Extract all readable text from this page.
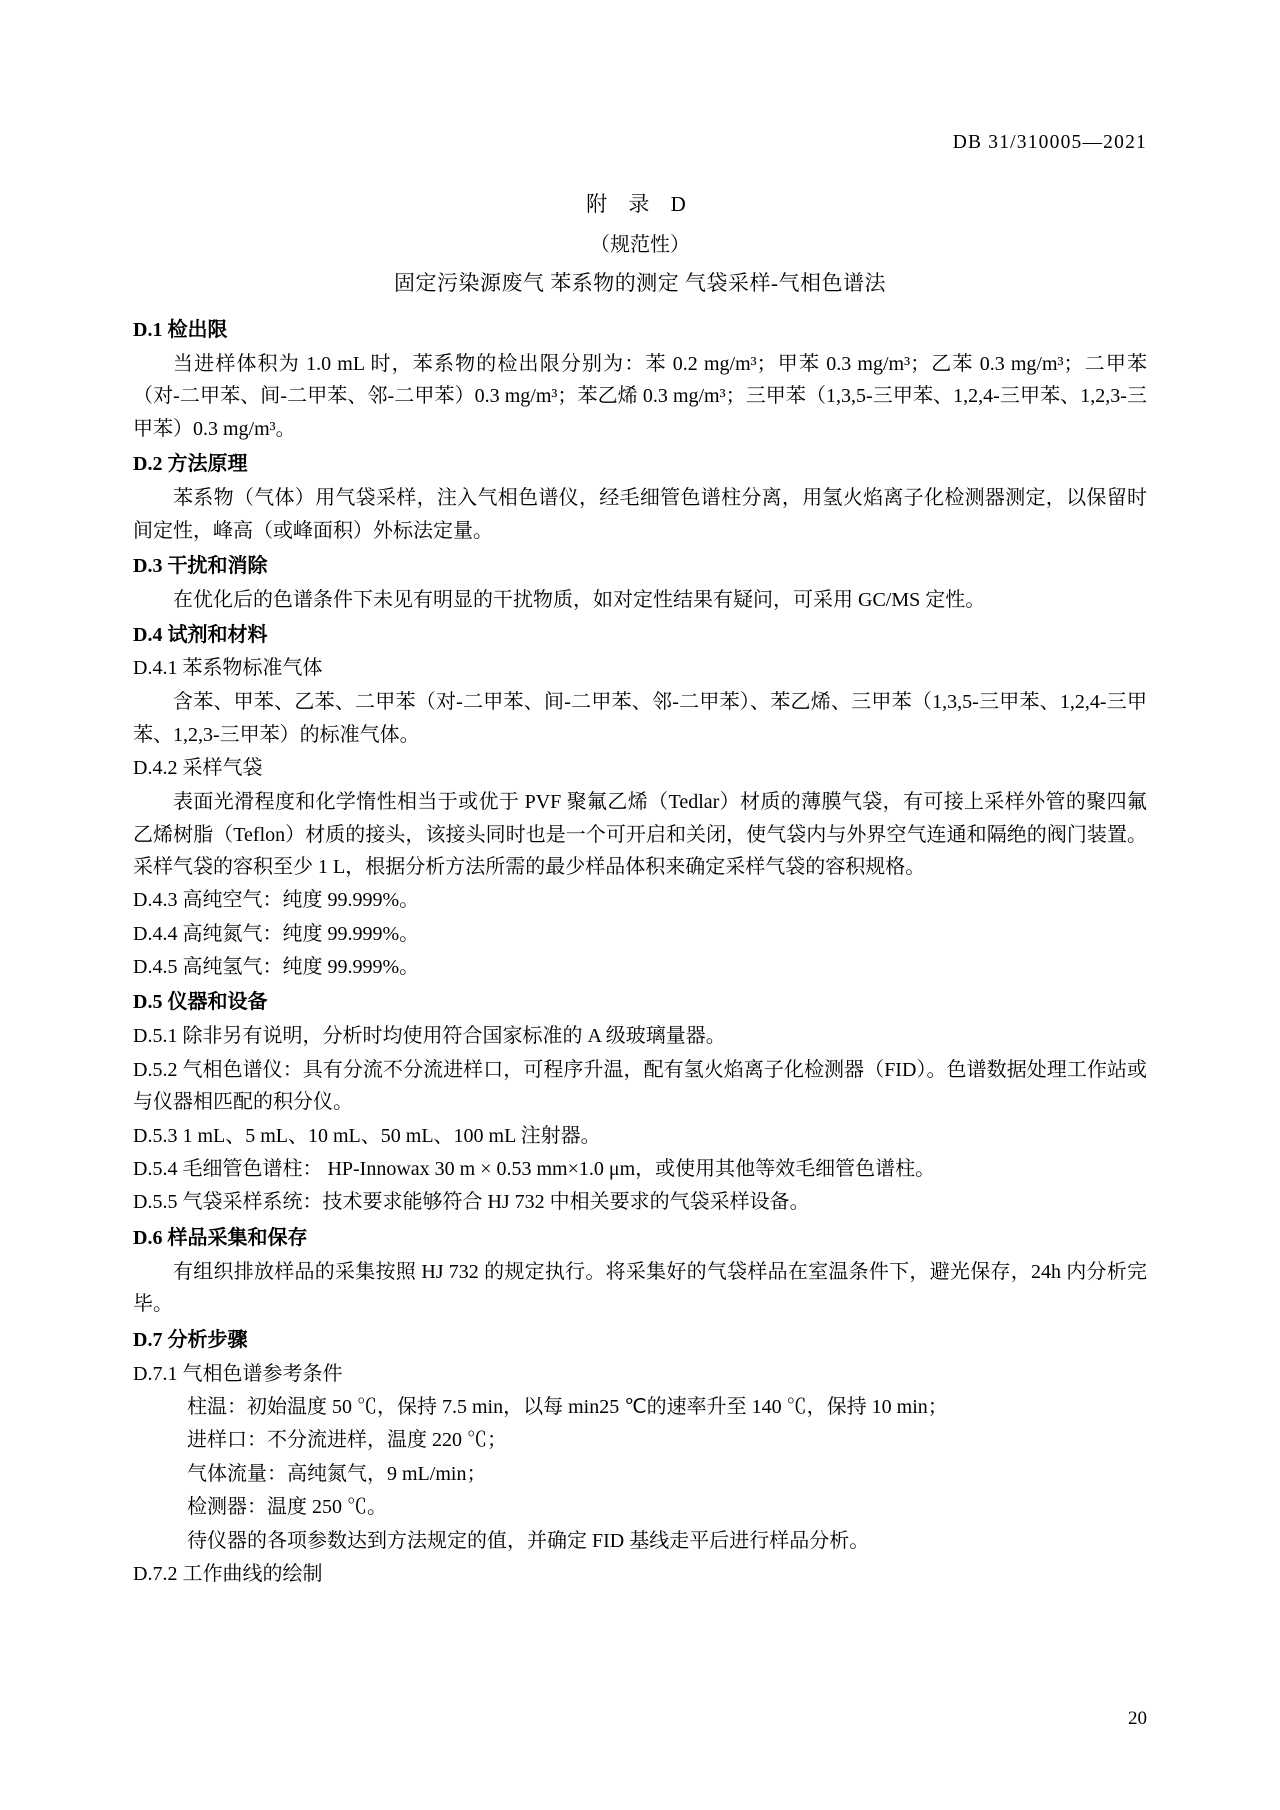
DB 31/310005—2021
附 录 D
（规范性）
固定污染源废气 苯系物的测定 气袋采样-气相色谱法
D.1 检出限

当进样体积为 1.0 mL 时，苯系物的检出限分别为：苯 0.2 mg/m³；甲苯 0.3 mg/m³；乙苯 0.3 mg/m³；二甲苯（对-二甲苯、间-二甲苯、邻-二甲苯）0.3 mg/m³；苯乙烯 0.3 mg/m³；三甲苯（1,3,5-三甲苯、1,2,4-三甲苯、1,2,3-三甲苯）0.3 mg/m³。

D.2 方法原理

苯系物（气体）用气袋采样，注入气相色谱仪，经毛细管色谱柱分离，用氢火焰离子化检测器测定，以保留时间定性，峰高（或峰面积）外标法定量。

D.3 干扰和消除

在优化后的色谱条件下未见有明显的干扰物质，如对定性结果有疑问，可采用 GC/MS 定性。

D.4 试剂和材料
D.4.1 苯系物标准气体

含苯、甲苯、乙苯、二甲苯（对-二甲苯、间-二甲苯、邻-二甲苯）、苯乙烯、三甲苯（1,3,5-三甲苯、1,2,4-三甲苯、1,2,3-三甲苯）的标准气体。

D.4.2 采样气袋

表面光滑程度和化学惰性相当于或优于 PVF 聚氟乙烯（Tedlar）材质的薄膜气袋，有可接上采样外管的聚四氟乙烯树脂（Teflon）材质的接头，该接头同时也是一个可开启和关闭，使气袋内与外界空气连通和隔绝的阀门装置。采样气袋的容积至少 1 L，根据分析方法所需的最少样品体积来确定采样气袋的容积规格。

D.4.3 高纯空气：纯度 99.999%。

D.4.4 高纯氮气：纯度 99.999%。

D.4.5 高纯氢气：纯度 99.999%。

D.5 仪器和设备

D.5.1 除非另有说明，分析时均使用符合国家标准的 A 级玻璃量器。

D.5.2 气相色谱仪：具有分流不分流进样口，可程序升温，配有氢火焰离子化检测器（FID）。色谱数据处理工作站或与仪器相匹配的积分仪。

D.5.3 1 mL、5 mL、10 mL、50 mL、100 mL 注射器。

D.5.4 毛细管色谱柱： HP-Innowax 30 m × 0.53 mm×1.0 μm，或使用其他等效毛细管色谱柱。

D.5.5 气袋采样系统：技术要求能够符合 HJ 732 中相关要求的气袋采样设备。

D.6 样品采集和保存

有组织排放样品的采集按照 HJ 732 的规定执行。将采集好的气袋样品在室温条件下，避光保存，24h 内分析完毕。

D.7 分析步骤

D.7.1 气相色谱参考条件

柱温：初始温度 50 ℃，保持 7.5 min，以每 min25 ℃的速率升至 140 ℃，保持 10 min；

进样口：不分流进样，温度 220 ℃；

气体流量：高纯氮气，9 mL/min；

检测器：温度 250 ℃。

待仪器的各项参数达到方法规定的值，并确定 FID 基线走平后进行样品分析。

D.7.2 工作曲线的绘制

20
